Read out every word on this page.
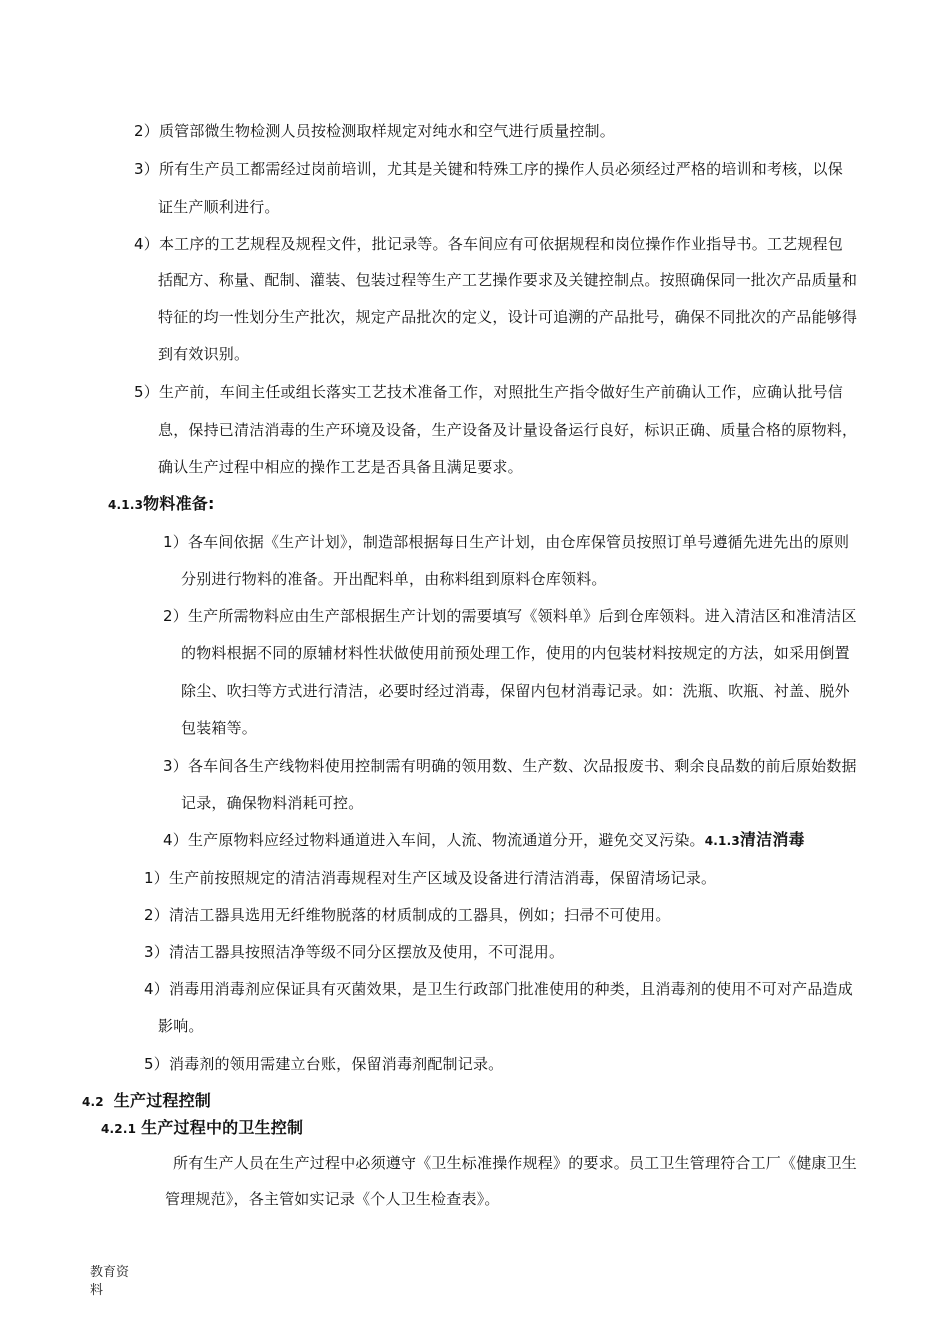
2）质管部微生物检测人员按检测取样规定对纯水和空气进行质量控制。
3）所有生产员工都需经过岗前培训，尤其是关键和特殊工序的操作人员必须经过严格的培训和考核，以保
证生产顺利进行。
4）本工序的工艺规程及规程文件，批记录等。各车间应有可依据规程和岗位操作作业指导书。工艺规程包
括配方、称量、配制、灌装、包装过程等生产工艺操作要求及关键控制点。按照确保同一批次产品质量和
特征的均一性划分生产批次，规定产品批次的定义，设计可追溯的产品批号，确保不同批次的产品能够得
到有效识别。
5）生产前，车间主任或组长落实工艺技术准备工作，对照批生产指令做好生产前确认工作，应确认批号信
息，保持已清洁消毒的生产环境及设备，生产设备及计量设备运行良好，标识正确、质量合格的原物料，
确认生产过程中相应的操作工艺是否具备且满足要求。
4.1.3物料准备:
1）各车间依据《生产计划》，制造部根据每日生产计划，由仓库保管员按照订单号遵循先进先出的原则
分别进行物料的准备。开出配料单，由称料组到原料仓库领料。
2）生产所需物料应由生产部根据生产计划的需要填写《领料单》后到仓库领料。进入清洁区和准清洁区
的物料根据不同的原辅材料性状做使用前预处理工作，使用的内包装材料按规定的方法，如采用倒置
除尘、吹扫等方式进行清洁，必要时经过消毒，保留内包材消毒记录。如：洗瓶、吹瓶、衬盖、脱外
包装箱等。
3）各车间各生产线物料使用控制需有明确的领用数、生产数、次品报废书、剩余良品数的前后原始数据
记录，确保物料消耗可控。
4）生产原物料应经过物料通道进入车间，人流、物流通道分开，避免交叉污染。4.1.3清洁消毒
1）生产前按照规定的清洁消毒规程对生产区域及设备进行清洁消毒，保留清场记录。
2）清洁工器具选用无纤维物脱落的材质制成的工器具，例如；扫帚不可使用。
3）清洁工器具按照洁净等级不同分区摆放及使用，不可混用。
4）消毒用消毒剂应保证具有灭菌效果，是卫生行政部门批准使用的种类，且消毒剂的使用不可对产品造成
影响。
5）消毒剂的领用需建立台账，保留消毒剂配制记录。
4.2 生产过程控制
4.2.1 生产过程中的卫生控制
所有生产人员在生产过程中必须遵守《卫生标准操作规程》的要求。员工卫生管理符合工厂《健康卫生
管理规范》，各主管如实记录《个人卫生检查表》。
教育资
料
